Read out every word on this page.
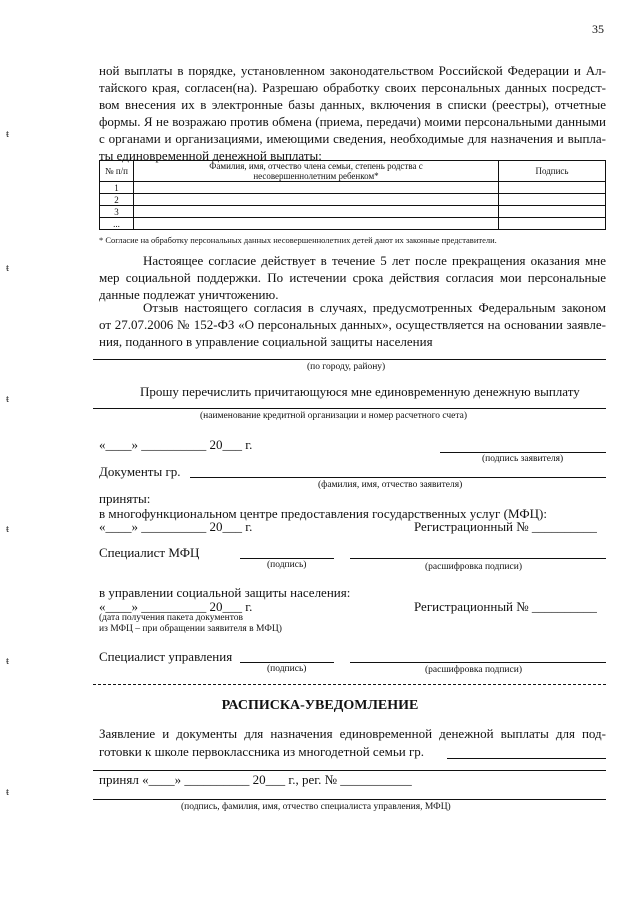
35
ŧ
ŧ
ŧ
ŧ
ŧ
ŧ
ной выплаты в порядке, установленном законодательством Российской Федерации и Ал-
тайского края, согласен(на). Разрешаю обработку своих персональных данных посредст-
вом внесения их в электронные базы данных, включения в списки (реестры), отчетные
формы. Я не возражаю против обмена (приема, передачи) моими персональными данными
с органами и организациями, имеющими сведения, необходимые для назначения и выпла-
ты единовременной денежной выплаты:
№ п/п	Фамилия, имя, отчество члена семьи, степень родства с несовершеннолетним ребенком*	Подпись
1		
2		
3		
...		
* Согласие на обработку персональных данных несовершеннолетних детей дают их законные представители.
Настоящее согласие действует в течение 5 лет после прекращения оказания мне
мер социальной поддержки. По истечении срока действия согласия мои персональные
данные подлежат уничтожению.
Отзыв настоящего согласия в случаях, предусмотренных Федеральным законом
от 27.07.2006 № 152-ФЗ «О персональных данных», осуществляется на основании заявле-
ния, поданного в управление социальной защиты населения
(по городу, району)
Прошу перечислить причитающуюся мне единовременную денежную выплату
(наименование кредитной организации и номер расчетного счета)
«____» __________ 20___ г.
(подпись заявителя)
Документы гр.
(фамилия, имя, отчество заявителя)
приняты:
в многофункциональном центре предоставления государственных услуг (МФЦ):
«____» __________ 20___ г.	Регистрационный № __________
Специалист МФЦ
(подпись)	(расшифровка подписи)
в управлении социальной защиты населения:
«____» __________ 20___ г.	Регистрационный № __________
(дата получения пакета документов
из МФЦ – при обращении заявителя в МФЦ)
Специалист управления
(подпись)	(расшифровка подписи)
РАСПИСКА-УВЕДОМЛЕНИЕ
Заявление и документы для назначения единовременной денежной выплаты для под-
готовки к школе первоклассника из многодетной семьи гр.
принял «____» __________ 20___ г., рег. № ___________
(подпись, фамилия, имя, отчество специалиста управления, МФЦ)
